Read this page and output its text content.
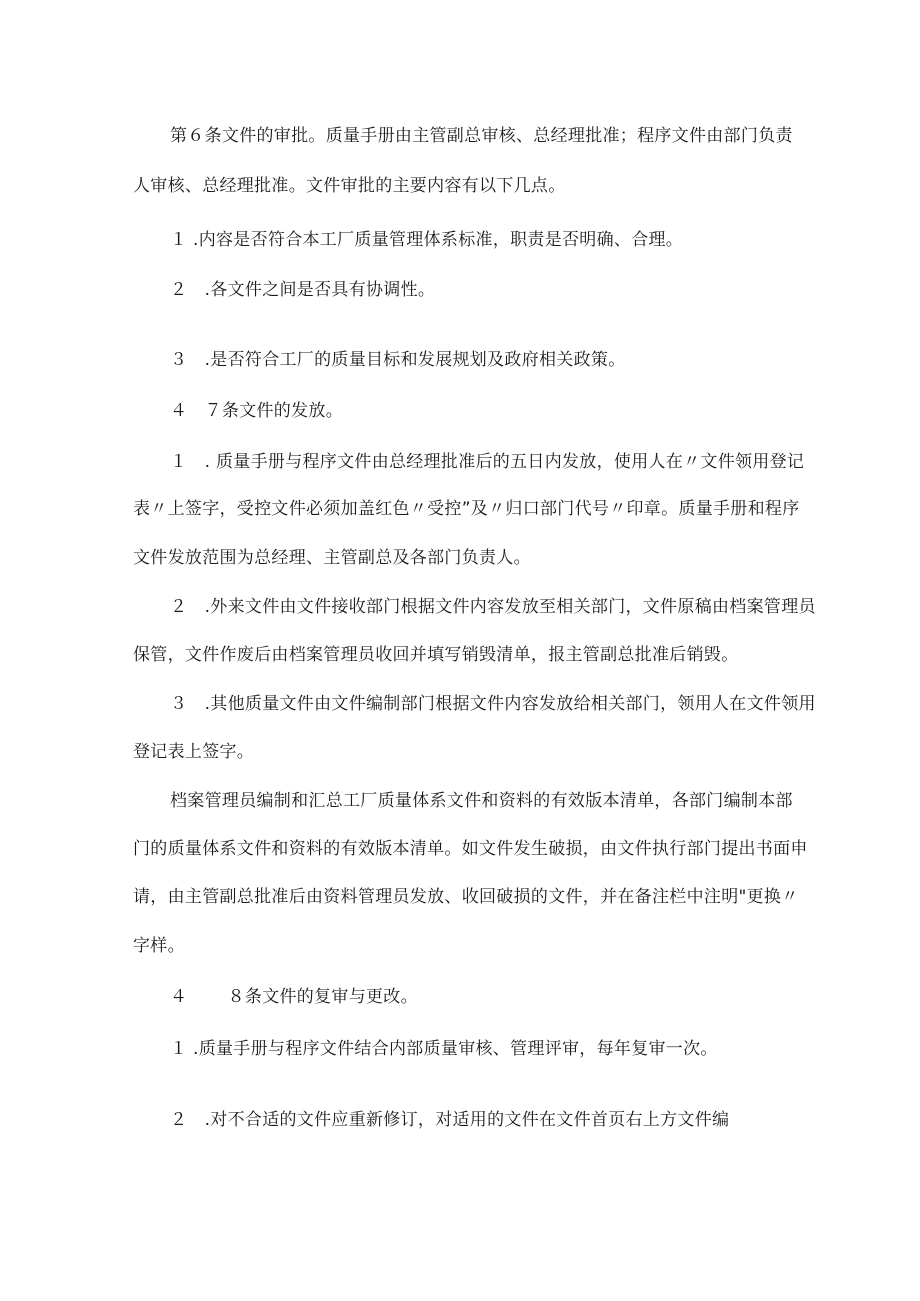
第６条文件的审批。质量手册由主管副总审核、总经理批准；程序文件由部门负责
人审核、总经理批准。文件审批的主要内容有以下几点。
１ .内容是否符合本工厂质量管理体系标准，职责是否明确、合理。
２　.各文件之间是否具有协调性。
３　.是否符合工厂的质量目标和发展规划及政府相关政策。
４　７条文件的发放。
１　. 质量手册与程序文件由总经理批准后的五日内发放，使用人在〃文件领用登记
表〃上签字，受控文件必须加盖红色〃受控”及〃归口部门代号〃印章。质量手册和程序
文件发放范围为总经理、主管副总及各部门负责人。
２　.外来文件由文件接收部门根据文件内容发放至相关部门，文件原稿由档案管理员
保管，文件作废后由档案管理员收回并填写销毁清单，报主管副总批准后销毁。
３　.其他质量文件由文件编制部门根据文件内容发放给相关部门，领用人在文件领用
登记表上签字。
档案管理员编制和汇总工厂质量体系文件和资料的有效版本清单，各部门编制本部
门的质量体系文件和资料的有效版本清单。如文件发生破损，由文件执行部门提出书面申
请，由主管副总批准后由资料管理员发放、收回破损的文件，并在备注栏中注明"更换〃
字样。
４　　 ８条文件的复审与更改。
１ .质量手册与程序文件结合内部质量审核、管理评审，每年复审一次。
２　.对不合适的文件应重新修订，对适用的文件在文件首页右上方文件编
